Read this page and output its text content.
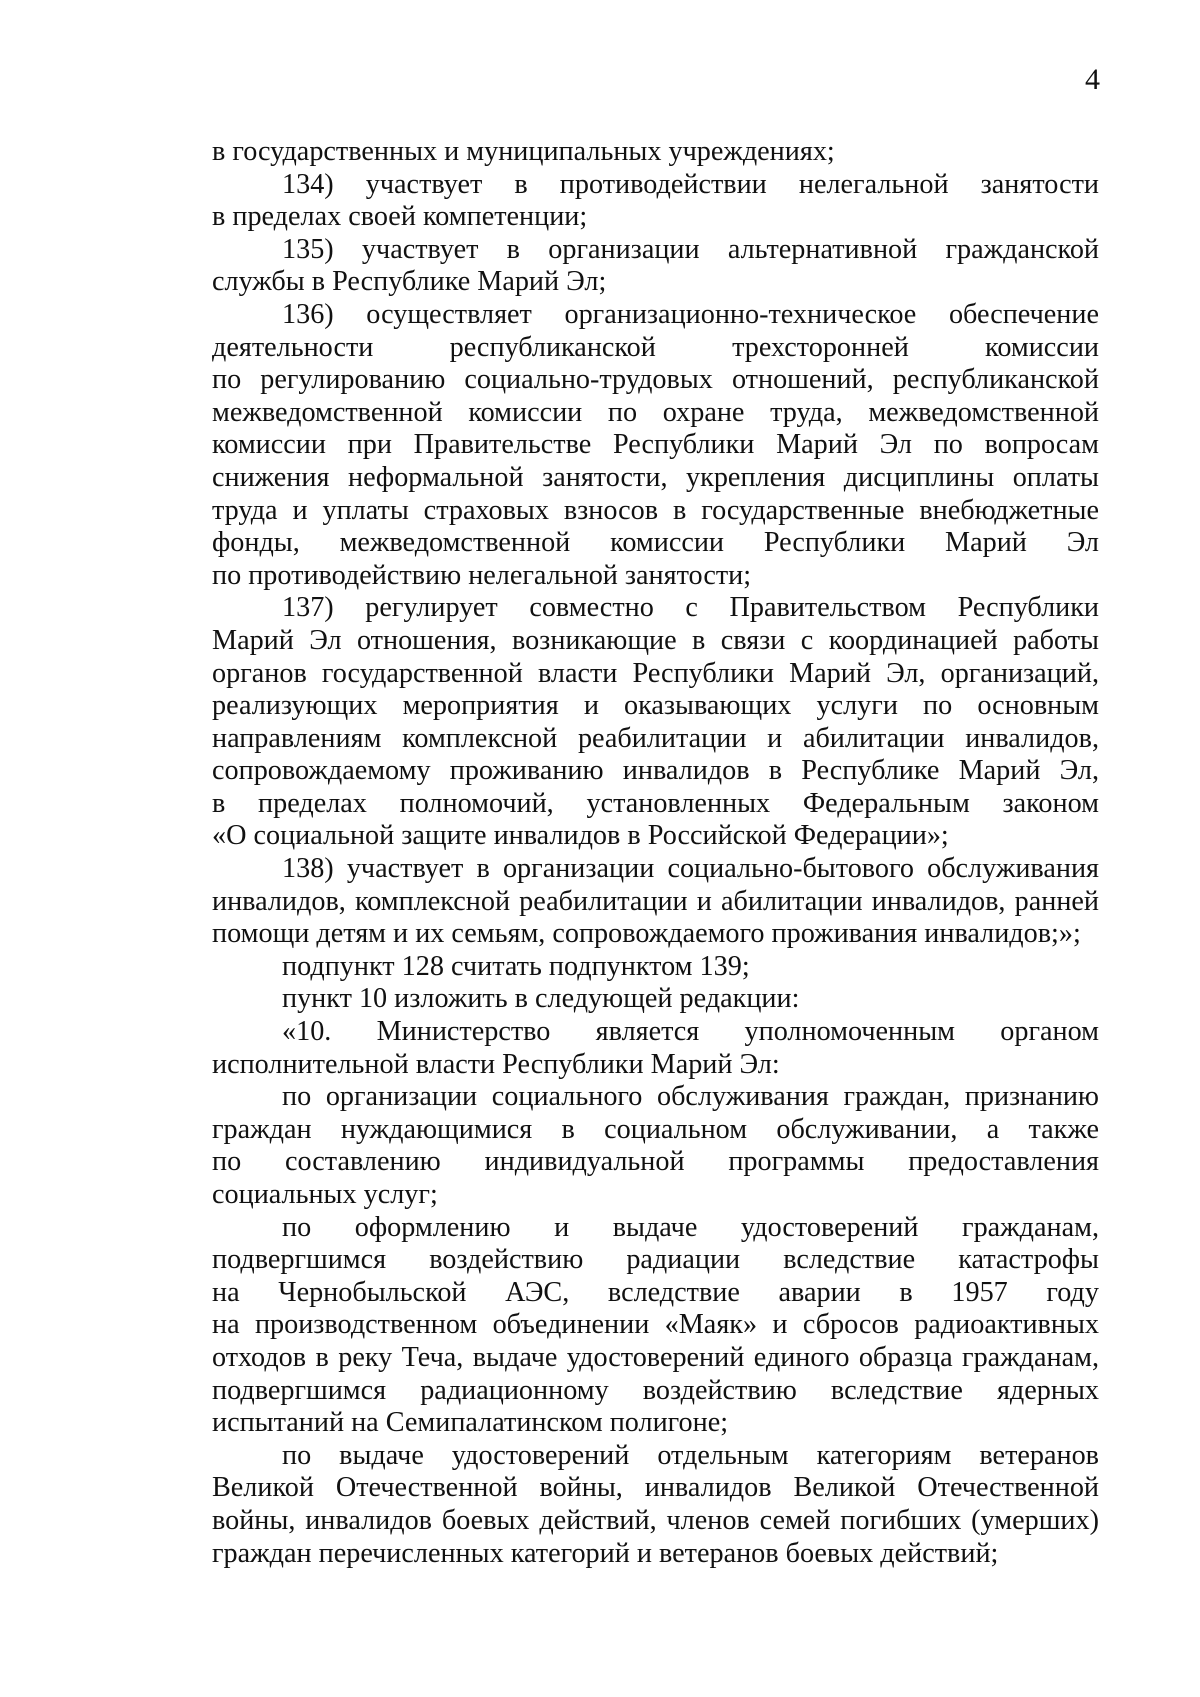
4
в государственных и муниципальных учреждениях;
134) участвует в противодействии нелегальной занятости
в пределах своей компетенции;
135) участвует в организации альтернативной гражданской
службы в Республике Марий Эл;
136) осуществляет организационно-техническое обеспечение
деятельности республиканской трехсторонней комиссии
по регулированию социально-трудовых отношений, республиканской
межведомственной комиссии по охране труда, межведомственной
комиссии при Правительстве Республики Марий Эл по вопросам
снижения неформальной занятости, укрепления дисциплины оплаты
труда и уплаты страховых взносов в государственные внебюджетные
фонды, межведомственной комиссии Республики Марий Эл
по противодействию нелегальной занятости;
137) регулирует совместно с Правительством Республики
Марий Эл отношения, возникающие в связи с координацией работы
органов государственной власти Республики Марий Эл, организаций,
реализующих мероприятия и оказывающих услуги по основным
направлениям комплексной реабилитации и абилитации инвалидов,
сопровождаемому проживанию инвалидов в Республике Марий Эл,
в пределах полномочий, установленных Федеральным законом
«О социальной защите инвалидов в Российской Федерации»;
138) участвует в организации социально-бытового обслуживания
инвалидов, комплексной реабилитации и абилитации инвалидов, ранней
помощи детям и их семьям, сопровождаемого проживания инвалидов;»;
подпункт 128 считать подпунктом 139;
пункт 10 изложить в следующей редакции:
«10. Министерство является уполномоченным органом
исполнительной власти Республики Марий Эл:
по организации социального обслуживания граждан, признанию
граждан нуждающимися в социальном обслуживании, а также
по составлению индивидуальной программы предоставления
социальных услуг;
по оформлению и выдаче удостоверений гражданам,
подвергшимся воздействию радиации вследствие катастрофы
на Чернобыльской АЭС, вследствие аварии в 1957 году
на производственном объединении «Маяк» и сбросов радиоактивных
отходов в реку Теча, выдаче удостоверений единого образца гражданам,
подвергшимся радиационному воздействию вследствие ядерных
испытаний на Семипалатинском полигоне;
по выдаче удостоверений отдельным категориям ветеранов
Великой Отечественной войны, инвалидов Великой Отечественной
войны, инвалидов боевых действий, членов семей погибших (умерших)
граждан перечисленных категорий и ветеранов боевых действий;
